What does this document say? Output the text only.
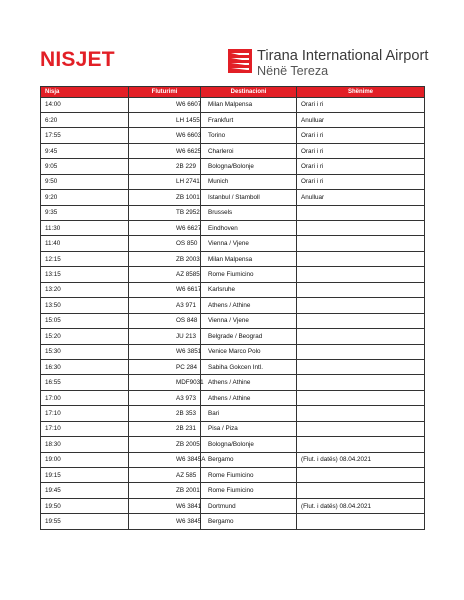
NISJET	Tirana International Airport
Nënë Tereza
Nisja	Fluturimi	Destinacioni	Shënime
14:00	W6 6607	Milan Malpensa	Orari i ri
6:20	LH 1455	Frankfurt	Anulluar
17:55	W6 6603	Torino	Orari i ri
9:45	W6 6625	Charleroi	Orari i ri
9:05	2B 229	Bologna/Bolonje	Orari i ri
9:50	LH 2741	Munich	Orari i ri
9:20	ZB 1001	Istanbul / Stamboll	Anulluar
9:35	TB 2952	Brussels	
11:30	W6 6627	Eindhoven	
11:40	OS 850	Vienna / Vjene	
12:15	ZB 2003	Milan Malpensa	
13:15	AZ 8585	Rome Fiumicino	
13:20	W6 6617	Karlsruhe	
13:50	A3 971	Athens / Athine	
15:05	OS 848	Vienna / Vjene	
15:20	JU 213	Belgrade / Beograd	
15:30	W6 3851	Venice Marco Polo	
16:30	PC 284	Sabiha Gokcen Intl.	
16:55	MDF9031	Athens / Athine	
17:00	A3 973	Athens / Athine	
17:10	2B 353	Bari	
17:10	2B 231	Pisa / Piza	
18:30	ZB 2005	Bologna/Bolonje	
19:00	W6 3845A	Bergamo	(Flut. i datës) 08.04.2021
19:15	AZ 585	Rome Fiumicino	
19:45	ZB 2001	Rome Fiumicino	
19:50	W6 3841	Dortmund	(Flut. i datës) 08.04.2021
19:55	W6 3845	Bergamo	
